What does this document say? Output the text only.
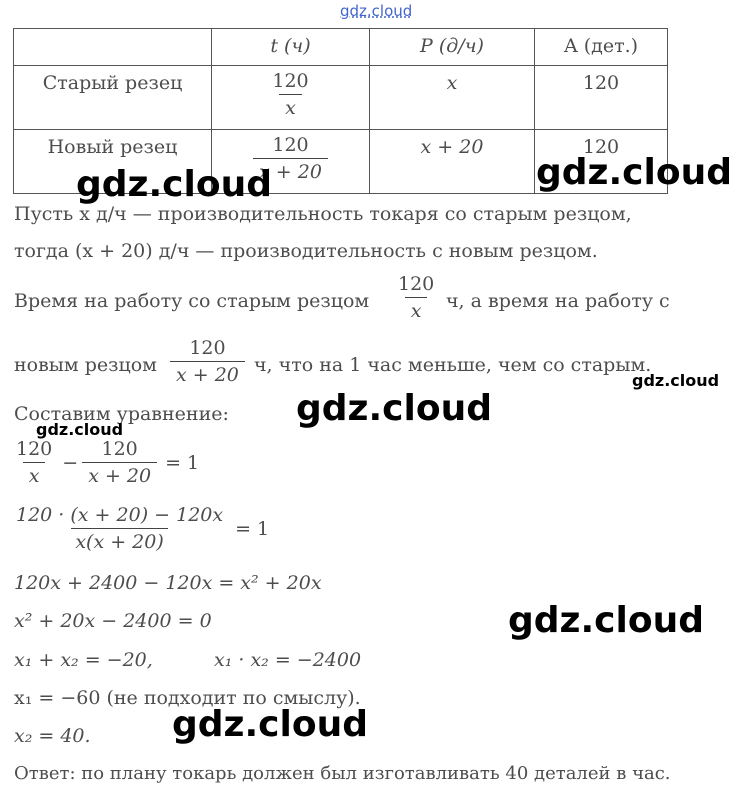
gdz.cloud
	t (ч)	P (д/ч)	A (дет.)
Старый резец	$\frac{120}{x}$	x	120
Новый резец	$\frac{120}{x + 20}$	x + 20	120
Пусть x д/ч — производительность токаря со старым резцом,
тогда (x + 20) д/ч — производительность с новым резцом.
Время на работу со старым резцом $\frac{120}{x} ч$, а время на работу с
новым резцом $\frac{120}{x + 20} ч$, что на 1 час меньше, чем со старым.
Составим уравнение:
$\frac{120}{x} - \frac{120}{x + 20} = 1$
$\frac{120 \cdot (x + 20) - 120x}{x(x + 20)} = 1$
120x + 2400 − 120x = x² + 20x
x² + 20x − 2400 = 0
x₁ + x₂ = −20,	x₁ · x₂ = −2400
x₁ = −60 (не подходит по смыслу).
x₂ = 40.
Ответ: по плану токарь должен был изготавливать 40 деталей в час.
gdz.cloud	gdz.cloud
gdz.cloud
gdz.cloud
gdz.cloud
gdz.cloud
gdz.cloud
